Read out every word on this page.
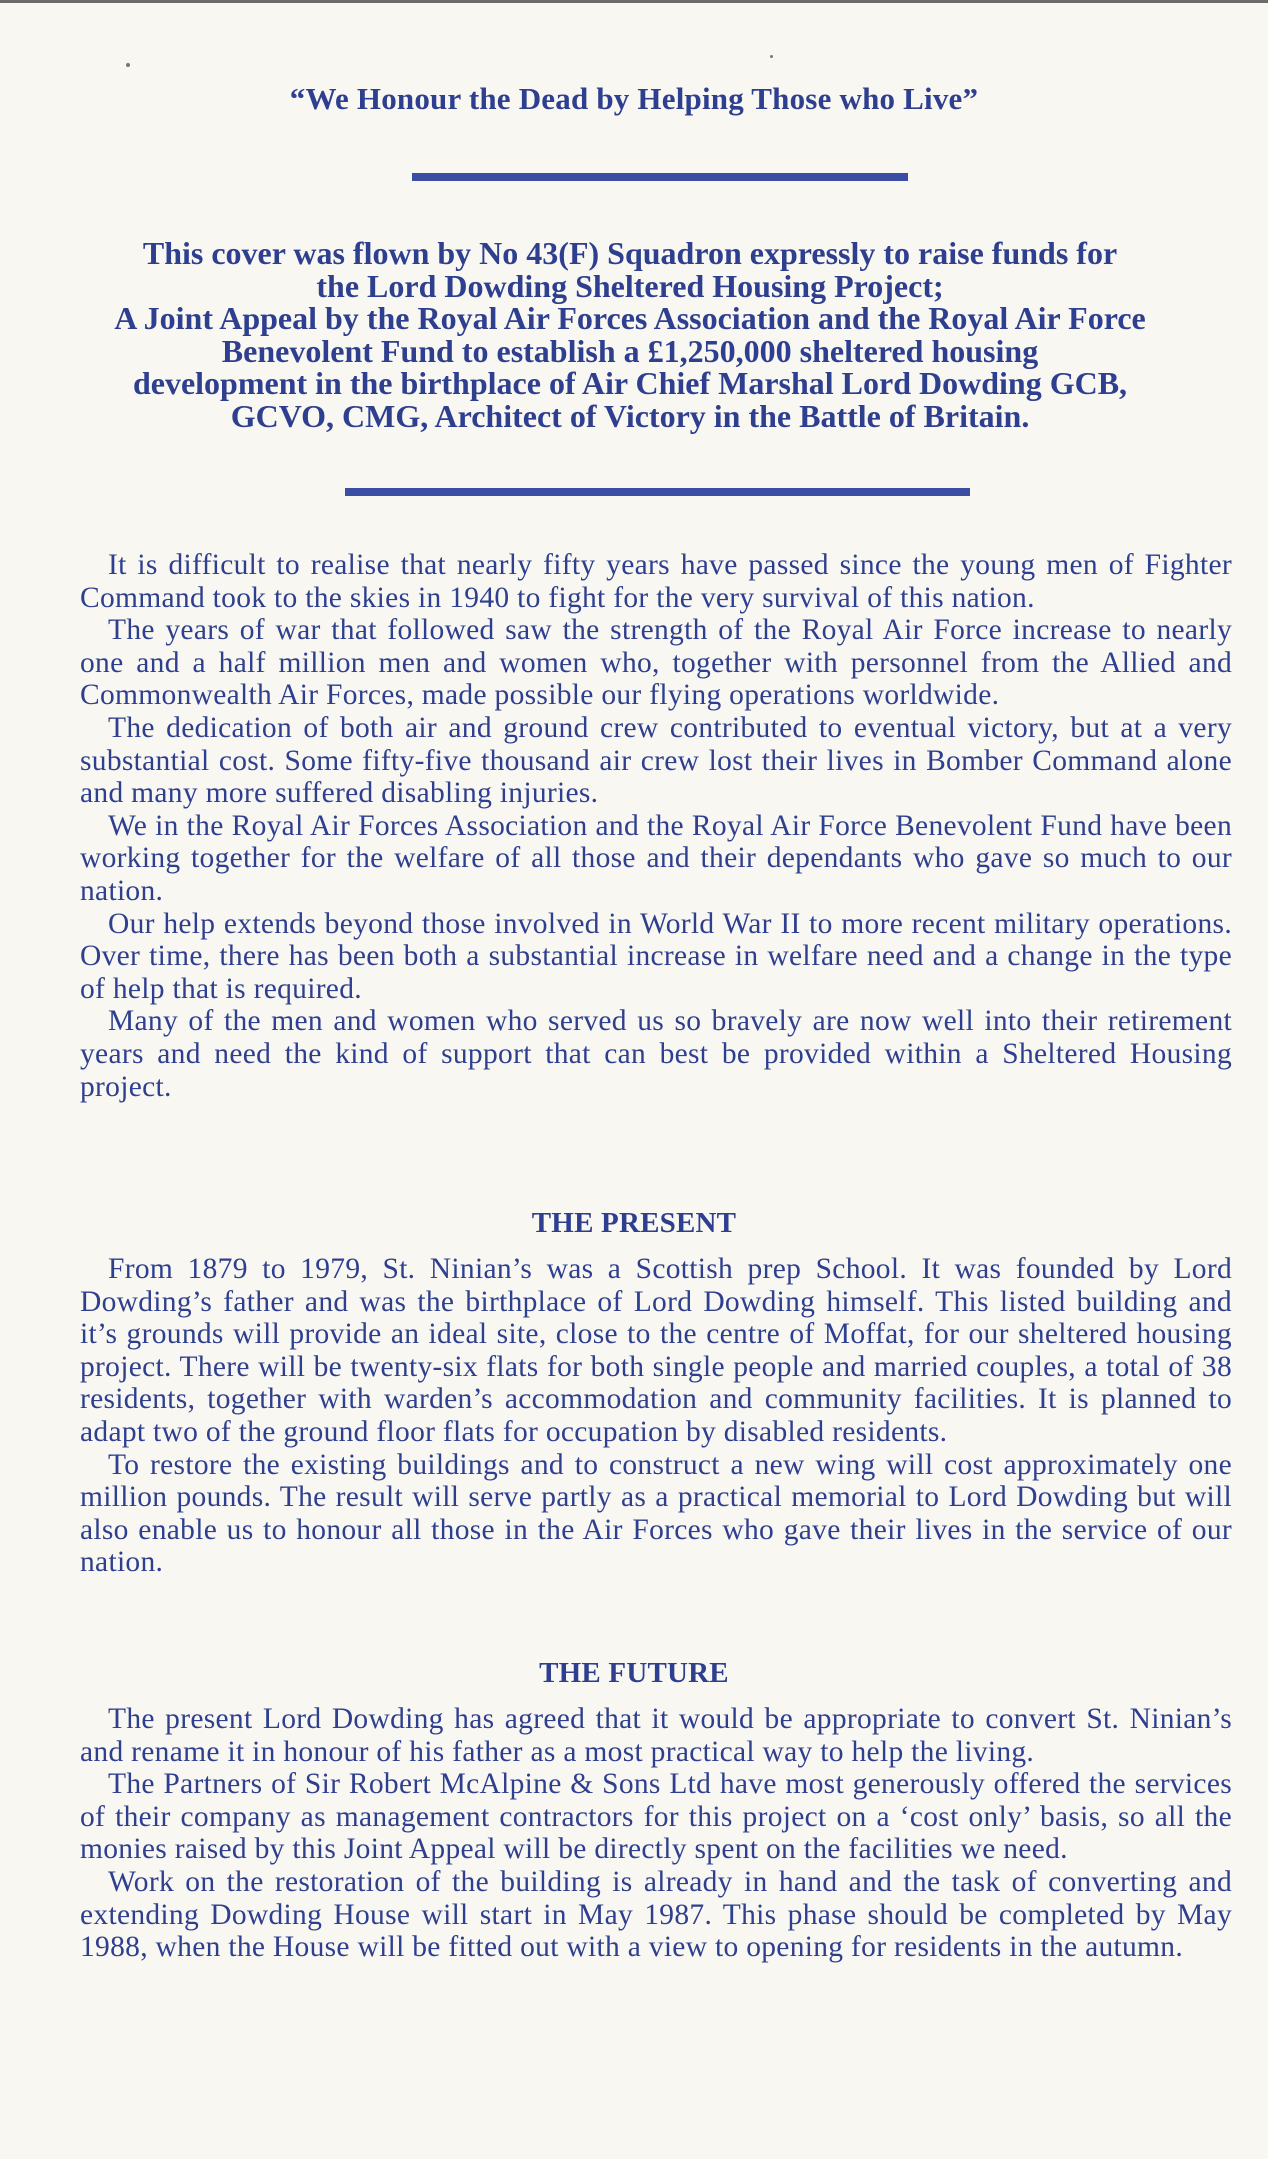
“We Honour the Dead by Helping Those who Live”
This cover was flown by No 43(F) Squadron expressly to raise funds for
the Lord Dowding Sheltered Housing Project;
A Joint Appeal by the Royal Air Forces Association and the Royal Air Force
Benevolent Fund to establish a £1,250,000 sheltered housing
development in the birthplace of Air Chief Marshal Lord Dowding GCB,
GCVO, CMG, Architect of Victory in the Battle of Britain.

It is difficult to realise that nearly fifty years have passed since the young men of Fighter Command took to the skies in 1940 to fight for the very survival of this nation.

The years of war that followed saw the strength of the Royal Air Force increase to nearly one and a half million men and women who, together with personnel from the Allied and Commonwealth Air Forces, made possible our flying operations worldwide.

The dedication of both air and ground crew contributed to eventual victory, but at a very substantial cost. Some fifty-five thousand air crew lost their lives in Bomber Command alone and many more suffered disabling injuries.

We in the Royal Air Forces Association and the Royal Air Force Benevolent Fund have been working together for the welfare of all those and their dependants who gave so much to our nation.

Our help extends beyond those involved in World War II to more recent military operations. Over time, there has been both a substantial increase in welfare need and a change in the type of help that is required.

Many of the men and women who served us so bravely are now well into their retirement years and need the kind of support that can best be provided within a Sheltered Housing project.

THE PRESENT

From 1879 to 1979, St. Ninian’s was a Scottish prep School. It was founded by Lord Dowding’s father and was the birthplace of Lord Dowding himself. This listed building and it’s grounds will provide an ideal site, close to the centre of Moffat, for our sheltered housing project. There will be twenty-six flats for both single people and married couples, a total of 38 residents, together with warden’s accommodation and community facilities. It is planned to adapt two of the ground floor flats for occupation by disabled residents.

To restore the existing buildings and to construct a new wing will cost approximately one million pounds. The result will serve partly as a practical memorial to Lord Dowding but will also enable us to honour all those in the Air Forces who gave their lives in the service of our nation.

THE FUTURE

The present Lord Dowding has agreed that it would be appropriate to convert St. Ninian’s and rename it in honour of his father as a most practical way to help the living.

The Partners of Sir Robert McAlpine & Sons Ltd have most generously offered the services of their company as management contractors for this project on a ‘cost only’ basis, so all the monies raised by this Joint Appeal will be directly spent on the facilities we need.

Work on the restoration of the building is already in hand and the task of converting and extending Dowding House will start in May 1987. This phase should be completed by May 1988, when the House will be fitted out with a view to opening for residents in the autumn.
